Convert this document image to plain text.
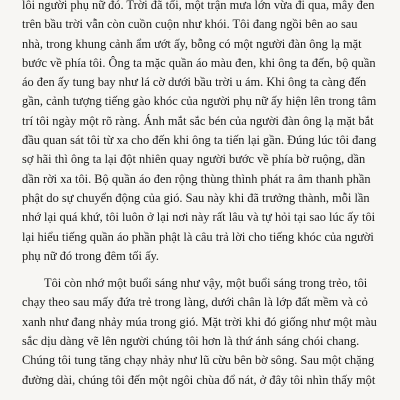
lôi người phụ nữ đó. Trời đã tối, một trận mưa lớn vừa đi qua, mây đen
trên bầu trời vẫn còn cuồn cuộn như khói. Tôi đang ngồi bên ao sau
nhà, trong khung cảnh ẩm ướt ấy, bỗng có một người đàn ông lạ mặt
bước về phía tôi. Ông ta mặc quần áo màu đen, khi ông ta đến, bộ quần
áo đen ấy tung bay như lá cờ dưới bầu trời u ám. Khi ông ta càng đến
gần, cảnh tượng tiếng gào khóc của người phụ nữ ấy hiện lên trong tâm
trí tôi ngày một rõ ràng. Ánh mắt sắc bén của người đàn ông lạ mặt bắt
đầu quan sát tôi từ xa cho đến khi ông ta tiến lại gần. Đúng lúc tôi đang
sợ hãi thì ông ta lại đột nhiên quay người bước về phía bờ ruộng, dần
dần rời xa tôi. Bộ quần áo đen rộng thùng thình phát ra âm thanh phần
phật do sự chuyển động của gió. Sau này khi đã trưởng thành, mỗi lần
nhớ lại quá khứ, tôi luôn ở lại nơi này rất lâu và tự hỏi tại sao lúc ấy tôi
lại hiểu tiếng quần áo phần phật là câu trả lời cho tiếng khóc của người
phụ nữ đó trong đêm tối ấy.

Tôi còn nhớ một buổi sáng như vậy, một buổi sáng trong trẻo, tôi
chạy theo sau mấy đứa trẻ trong làng, dưới chân là lớp đất mềm và cỏ
xanh như đang nhảy múa trong gió. Mặt trời khi đó giống như một màu
sắc dịu dàng vẽ lên người chúng tôi hơn là thứ ánh sáng chói chang.
Chúng tôi tung tăng chạy nhảy như lũ cừu bên bờ sông. Sau một chặng
đường dài, chúng tôi đến một ngôi chùa đổ nát, ở đây tôi nhìn thấy một
